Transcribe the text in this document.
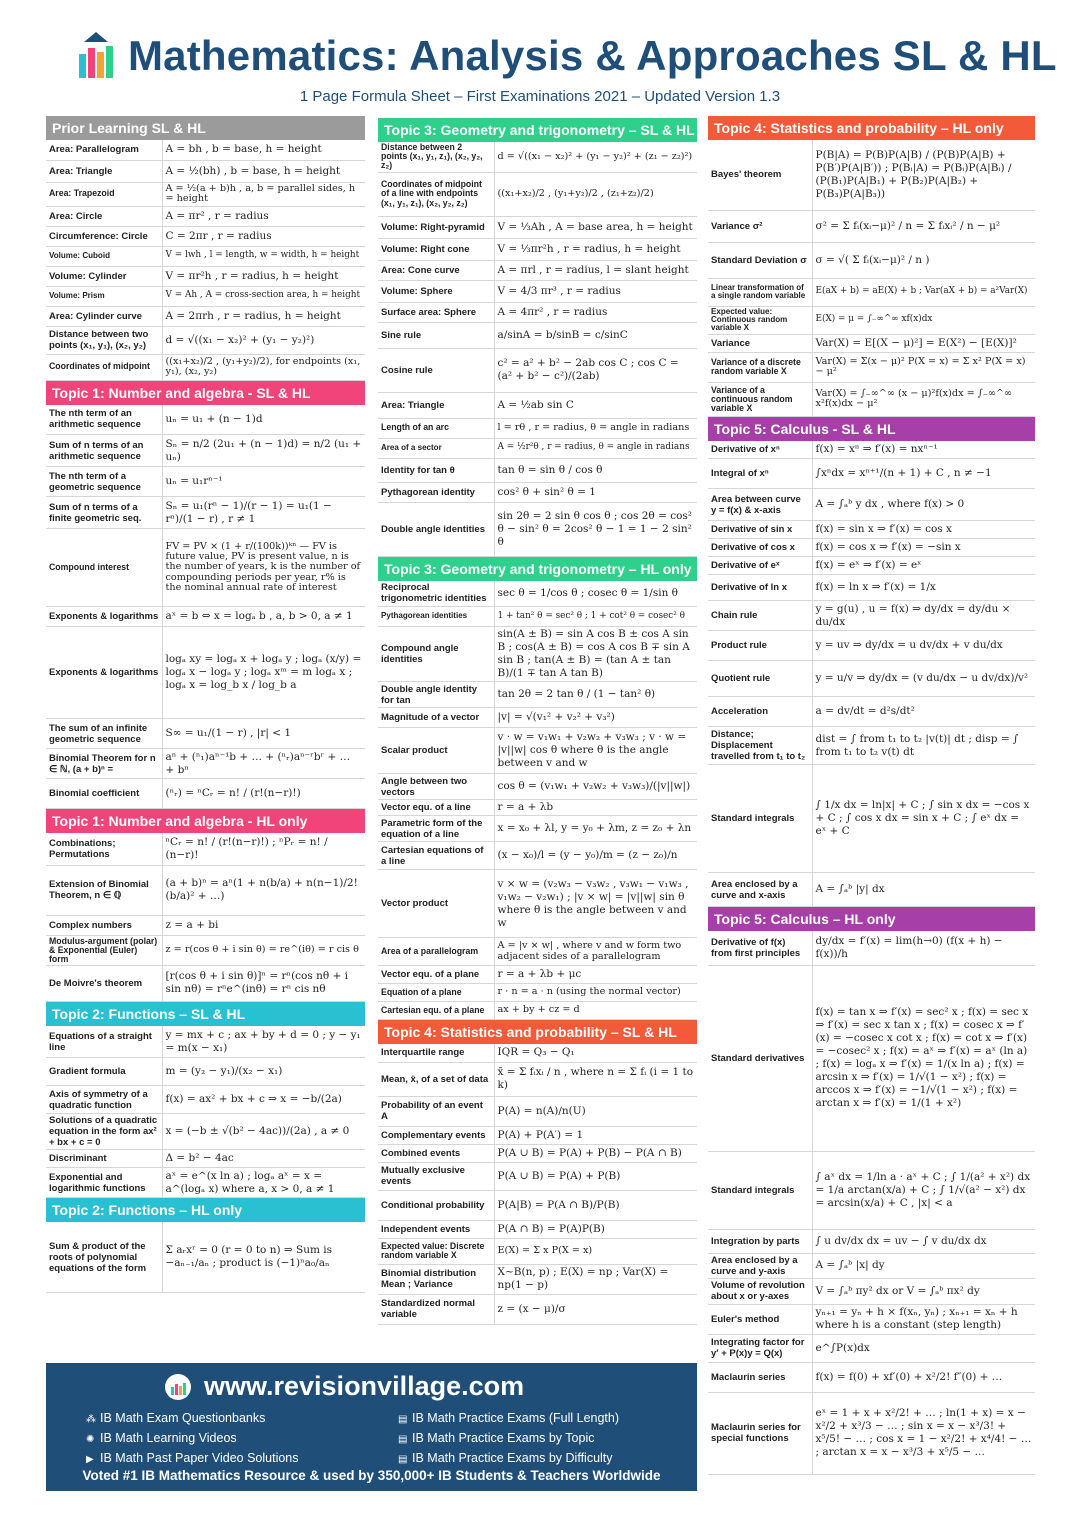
Mathematics: Analysis & Approaches SL & HL
1 Page Formula Sheet – First Examinations 2021 – Updated Version 1.3
Prior Learning SL & HL
Area: Parallelogram	A = bh , b = base, h = height
Area: Triangle	A = ½(bh) , b = base, h = height
Area: Trapezoid	A = ½(a + b)h , a, b = parallel sides, h = height
Area: Circle	A = πr² , r = radius
Circumference: Circle	C = 2πr , r = radius
Volume: Cuboid	V = lwh , l = length, w = width, h = height
Volume: Cylinder	V = πr²h , r = radius, h = height
Volume: Prism	V = Ah , A = cross-section area, h = height
Area: Cylinder curve	A = 2πrh , r = radius, h = height
Distance between two points (x₁, y₁), (x₂, y₂)	d = √((x₁ − x₂)² + (y₁ − y₂)²)
Coordinates of midpoint	((x₁+x₂)/2 , (y₁+y₂)/2), for endpoints (x₁, y₁), (x₂, y₂)
Topic 1: Number and algebra - SL & HL
The nth term of an arithmetic sequence	uₙ = u₁ + (n − 1)d
Sum of n terms of an arithmetic sequence	Sₙ = n/2 (2u₁ + (n − 1)d) = n/2 (u₁ + uₙ)
The nth term of a geometric sequence	uₙ = u₁rⁿ⁻¹
Sum of n terms of a finite geometric seq.	Sₙ = u₁(rⁿ − 1)/(r − 1) = u₁(1 − rⁿ)/(1 − r) , r ≠ 1
Compound interest	FV = PV × (1 + r/(100k))ᵏⁿ — FV is future value, PV is present value, n is the number of years, k is the number of compounding periods per year, r% is the nominal annual rate of interest
Exponents & logarithms	aˣ = b ⇔ x = logₐ b , a, b > 0, a ≠ 1
Exponents & logarithms	logₐ xy = logₐ x + logₐ y ; logₐ (x/y) = logₐ x − logₐ y ; logₐ xᵐ = m logₐ x ; logₐ x = log_b x / log_b a
The sum of an infinite geometric sequence	S∞ = u₁/(1 − r) , |r| < 1
Binomial Theorem for n ∈ ℕ, (a + b)ⁿ =	aⁿ + (ⁿ₁)aⁿ⁻¹b + … + (ⁿᵣ)aⁿ⁻ʳbʳ + … + bⁿ
Binomial coefficient	(ⁿᵣ) = ⁿCᵣ = n! / (r!(n−r)!)
Topic 1: Number and algebra - HL only
Combinations; Permutations	ⁿCᵣ = n! / (r!(n−r)!) ; ⁿPᵣ = n! / (n−r)!
Extension of Binomial Theorem, n ∈ ℚ	(a + b)ⁿ = aⁿ(1 + n(b/a) + n(n−1)/2! (b/a)² + …)
Complex numbers	z = a + bi
Modulus-argument (polar) & Exponential (Euler) form	z = r(cos θ + i sin θ) = re^(iθ) = r cis θ
De Moivre's theorem	[r(cos θ + i sin θ)]ⁿ = rⁿ(cos nθ + i sin nθ) = rⁿe^(inθ) = rⁿ cis nθ
Topic 2: Functions – SL & HL
Equations of a straight line	y = mx + c ; ax + by + d = 0 ; y − y₁ = m(x − x₁)
Gradient formula	m = (y₂ − y₁)/(x₂ − x₁)
Axis of symmetry of a quadratic function	f(x) = ax² + bx + c ⇒ x = −b/(2a)
Solutions of a quadratic equation in the form ax² + bx + c = 0	x = (−b ± √(b² − 4ac))/(2a) , a ≠ 0
Discriminant	Δ = b² − 4ac
Exponential and logarithmic functions	aˣ = e^(x ln a) ; logₐ aˣ = x = a^(logₐ x) where a, x > 0, a ≠ 1
Topic 2: Functions – HL only
Sum & product of the roots of polynomial equations of the form	Σ aᵣxʳ = 0 (r = 0 to n) ⇒ Sum is −aₙ₋₁/aₙ ; product is (−1)ⁿa₀/aₙ
Topic 3: Geometry and trigonometry – SL & HL
Distance between 2 points (x₁, y₁, z₁), (x₂, y₂, z₂)	d = √((x₁ − x₂)² + (y₁ − y₂)² + (z₁ − z₂)²)
Coordinates of midpoint of a line with endpoints (x₁, y₁, z₁), (x₂, y₂, z₂)	((x₁+x₂)/2 , (y₁+y₂)/2 , (z₁+z₂)/2)
Volume: Right-pyramid	V = ⅓Ah , A = base area, h = height
Volume: Right cone	V = ⅓πr²h , r = radius, h = height
Area: Cone curve	A = πrl , r = radius, l = slant height
Volume: Sphere	V = 4/3 πr³ , r = radius
Surface area: Sphere	A = 4πr² , r = radius
Sine rule	a/sinA = b/sinB = c/sinC
Cosine rule	c² = a² + b² − 2ab cos C ; cos C = (a² + b² − c²)/(2ab)
Area: Triangle	A = ½ab sin C
Length of an arc	l = rθ , r = radius, θ = angle in radians
Area of a sector	A = ½r²θ , r = radius, θ = angle in radians
Identity for tan θ	tan θ = sin θ / cos θ
Pythagorean identity	cos² θ + sin² θ = 1
Double angle identities	sin 2θ = 2 sin θ cos θ ; cos 2θ = cos² θ − sin² θ = 2cos² θ − 1 = 1 − 2 sin² θ
Topic 3: Geometry and trigonometry – HL only
Reciprocal trigonometric identities	sec θ = 1/cos θ ; cosec θ = 1/sin θ
Pythagorean identities	1 + tan² θ = sec² θ ; 1 + cot² θ = cosec² θ
Compound angle identities	sin(A ± B) = sin A cos B ± cos A sin B ; cos(A ± B) = cos A cos B ∓ sin A sin B ; tan(A ± B) = (tan A ± tan B)/(1 ∓ tan A tan B)
Double angle identity for tan	tan 2θ = 2 tan θ / (1 − tan² θ)
Magnitude of a vector	|v| = √(v₁² + v₂² + v₃²)
Scalar product	v · w = v₁w₁ + v₂w₂ + v₃w₃ ; v · w = |v||w| cos θ where θ is the angle between v and w
Angle between two vectors	cos θ = (v₁w₁ + v₂w₂ + v₃w₃)/(|v||w|)
Vector equ. of a line	r = a + λb
Parametric form of the equation of a line	x = x₀ + λl, y = y₀ + λm, z = z₀ + λn
Cartesian equations of a line	(x − x₀)/l = (y − y₀)/m = (z − z₀)/n
Vector product	v × w = (v₂w₃ − v₃w₂ , v₃w₁ − v₁w₃ , v₁w₂ − v₂w₁) ; |v × w| = |v||w| sin θ where θ is the angle between v and w
Area of a parallelogram	A = |v × w| , where v and w form two adjacent sides of a parallelogram
Vector equ. of a plane	r = a + λb + μc
Equation of a plane	r · n = a · n (using the normal vector)
Cartesian equ. of a plane	ax + by + cz = d
Topic 4: Statistics and probability – SL & HL
Interquartile range	IQR = Q₃ − Q₁
Mean, x̄, of a set of data	x̄ = Σ fᵢxᵢ / n , where n = Σ fᵢ (i = 1 to k)
Probability of an event A	P(A) = n(A)/n(U)
Complementary events	P(A) + P(A′) = 1
Combined events	P(A ∪ B) = P(A) + P(B) − P(A ∩ B)
Mutually exclusive events	P(A ∪ B) = P(A) + P(B)
Conditional probability	P(A|B) = P(A ∩ B)/P(B)
Independent events	P(A ∩ B) = P(A)P(B)
Expected value: Discrete random variable X	E(X) = Σ x P(X = x)
Binomial distribution Mean ; Variance	X~B(n, p) ; E(X) = np ; Var(X) = np(1 − p)
Standardized normal variable	z = (x − μ)/σ
Topic 4: Statistics and probability – HL only
Bayes' theorem	P(B|A) = P(B)P(A|B) / (P(B)P(A|B) + P(B′)P(A|B′)) ; P(Bᵢ|A) = P(Bᵢ)P(A|Bᵢ) / (P(B₁)P(A|B₁) + P(B₂)P(A|B₂) + P(B₃)P(A|B₃))
Variance σ²	σ² = Σ fᵢ(xᵢ−μ)² / n = Σ fᵢxᵢ² / n − μ²
Standard Deviation σ	σ = √( Σ fᵢ(xᵢ−μ)² / n )
Linear transformation of a single random variable	E(aX + b) = aE(X) + b ; Var(aX + b) = a²Var(X)
Expected value: Continuous random variable X	E(X) = μ = ∫₋∞^∞ xf(x)dx
Variance	Var(X) = E[(X − μ)²] = E(X²) − [E(X)]²
Variance of a discrete random variable X	Var(X) = Σ(x − μ)² P(X = x) = Σ x² P(X = x) − μ²
Variance of a continuous random variable X	Var(X) = ∫₋∞^∞ (x − μ)²f(x)dx = ∫₋∞^∞ x²f(x)dx − μ²
Topic 5: Calculus - SL & HL
Derivative of xⁿ	f(x) = xⁿ ⇒ f′(x) = nxⁿ⁻¹
Integral of xⁿ	∫xⁿdx = xⁿ⁺¹/(n + 1) + C , n ≠ −1
Area between curve y = f(x) & x-axis	A = ∫ₐᵇ y dx , where f(x) > 0
Derivative of sin x	f(x) = sin x ⇒ f′(x) = cos x
Derivative of cos x	f(x) = cos x ⇒ f′(x) = −sin x
Derivative of eˣ	f(x) = eˣ ⇒ f′(x) = eˣ
Derivative of ln x	f(x) = ln x ⇒ f′(x) = 1/x
Chain rule	y = g(u) , u = f(x) ⇒ dy/dx = dy/du × du/dx
Product rule	y = uv ⇒ dy/dx = u dv/dx + v du/dx
Quotient rule	y = u/v ⇒ dy/dx = (v du/dx − u dv/dx)/v²
Acceleration	a = dv/dt = d²s/dt²
Distance; Displacement travelled from t₁ to t₂	dist = ∫ from t₁ to t₂ |v(t)| dt ; disp = ∫ from t₁ to t₂ v(t) dt
Standard integrals	∫ 1/x dx = ln|x| + C ; ∫ sin x dx = −cos x + C ; ∫ cos x dx = sin x + C ; ∫ eˣ dx = eˣ + C
Area enclosed by a curve and x-axis	A = ∫ₐᵇ |y| dx
Topic 5: Calculus – HL only
Derivative of f(x) from first principles	dy/dx = f′(x) = lim(h→0) (f(x + h) − f(x))/h
Standard derivatives	f(x) = tan x ⇒ f′(x) = sec² x ; f(x) = sec x ⇒ f′(x) = sec x tan x ; f(x) = cosec x ⇒ f′(x) = −cosec x cot x ; f(x) = cot x ⇒ f′(x) = −cosec² x ; f(x) = aˣ ⇒ f′(x) = aˣ (ln a) ; f(x) = logₐ x ⇒ f′(x) = 1/(x ln a) ; f(x) = arcsin x ⇒ f′(x) = 1/√(1 − x²) ; f(x) = arccos x ⇒ f′(x) = −1/√(1 − x²) ; f(x) = arctan x ⇒ f′(x) = 1/(1 + x²)
Standard integrals	∫ aˣ dx = 1/ln a · aˣ + C ; ∫ 1/(a² + x²) dx = 1/a arctan(x/a) + C ; ∫ 1/√(a² − x²) dx = arcsin(x/a) + C , |x| < a
Integration by parts	∫ u dv/dx dx = uv − ∫ v du/dx dx
Area enclosed by a curve and y-axis	A = ∫ₐᵇ |x| dy
Volume of revolution about x or y-axes	V = ∫ₐᵇ πy² dx or V = ∫ₐᵇ πx² dy
Euler's method	yₙ₊₁ = yₙ + h × f(xₙ, yₙ) ; xₙ₊₁ = xₙ + h where h is a constant (step length)
Integrating factor for y′ + P(x)y = Q(x)	e^∫P(x)dx
Maclaurin series	f(x) = f(0) + xf′(0) + x²/2! f″(0) + …
Maclaurin series for special functions	eˣ = 1 + x + x²/2! + … ; ln(1 + x) = x − x²/2 + x³/3 − … ; sin x = x − x³/3! + x⁵/5! − … ; cos x = 1 − x²/2! + x⁴/4! − … ; arctan x = x − x³/3 + x⁵/5 − …
www.revisionvillage.com
⁂ IB Math Exam Questionbanks
✺ IB Math Learning Videos
▶ IB Math Past Paper Video Solutions
▤ IB Math Practice Exams (Full Length)
▤ IB Math Practice Exams by Topic
▤ IB Math Practice Exams by Difficulty
Voted #1 IB Mathematics Resource & used by 350,000+ IB Students & Teachers Worldwide
